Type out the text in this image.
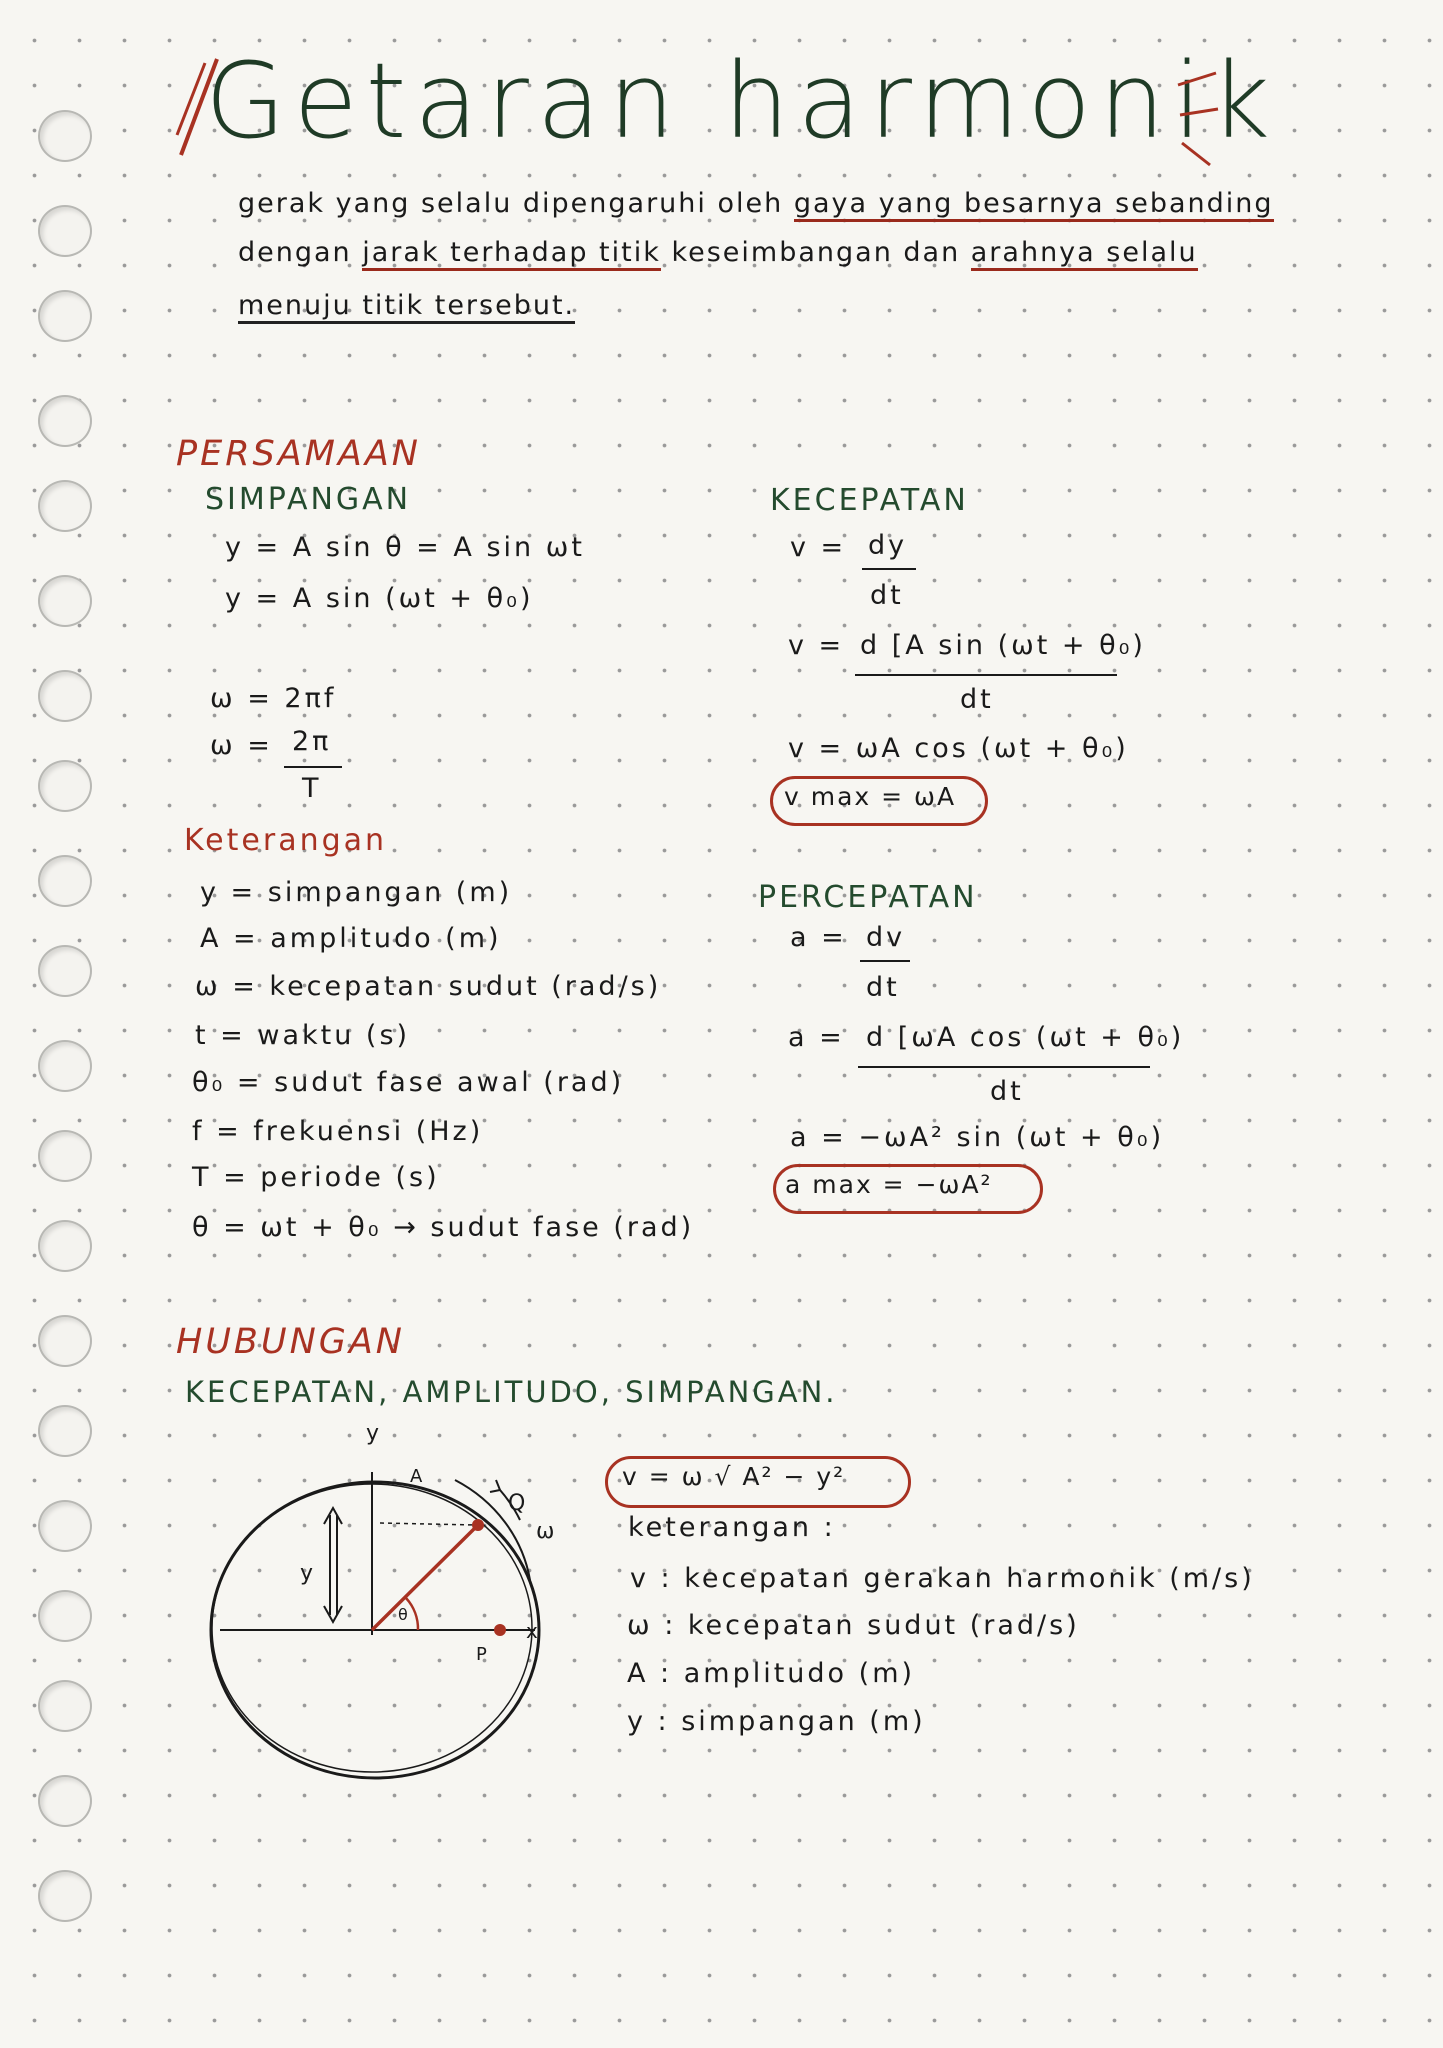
Getaran harmonik
gerak yang selalu dipengaruhi oleh gaya yang besarnya sebanding
dengan jarak terhadap titik keseimbangan dan arahnya selalu
menuju titik tersebut.
PERSAMAAN
SIMPANGAN
y = A sin θ = A sin ωt
y = A sin (ωt + θ₀)
ω = 2πf
ω = 2π
T
KECEPATAN
v = dy
dt
v = d [A sin (ωt + θ₀)
dt
v = ωA cos (ωt + θ₀)
v max = ωA
Keterangan
y = simpangan (m)
A = amplitudo (m)
ω = kecepatan sudut (rad/s)
t = waktu (s)
θ₀ = sudut fase awal (rad)
f = frekuensi (Hz)
T = periode (s)
θ = ωt + θ₀ → sudut fase (rad)
PERCEPATAN
a = dv
dt
a = d [ωA cos (ωt + θ₀)
dt
a = −ωA² sin (ωt + θ₀)
a max = −ωA²
HUBUNGAN
KECEPATAN, AMPLITUDO, SIMPANGAN.
y
A
Q
P
x
y
θ
ω
v = ω √ A² − y²
keterangan :
v : kecepatan gerakan harmonik (m/s)
ω : kecepatan sudut (rad/s)
A : amplitudo (m)
y : simpangan (m)
